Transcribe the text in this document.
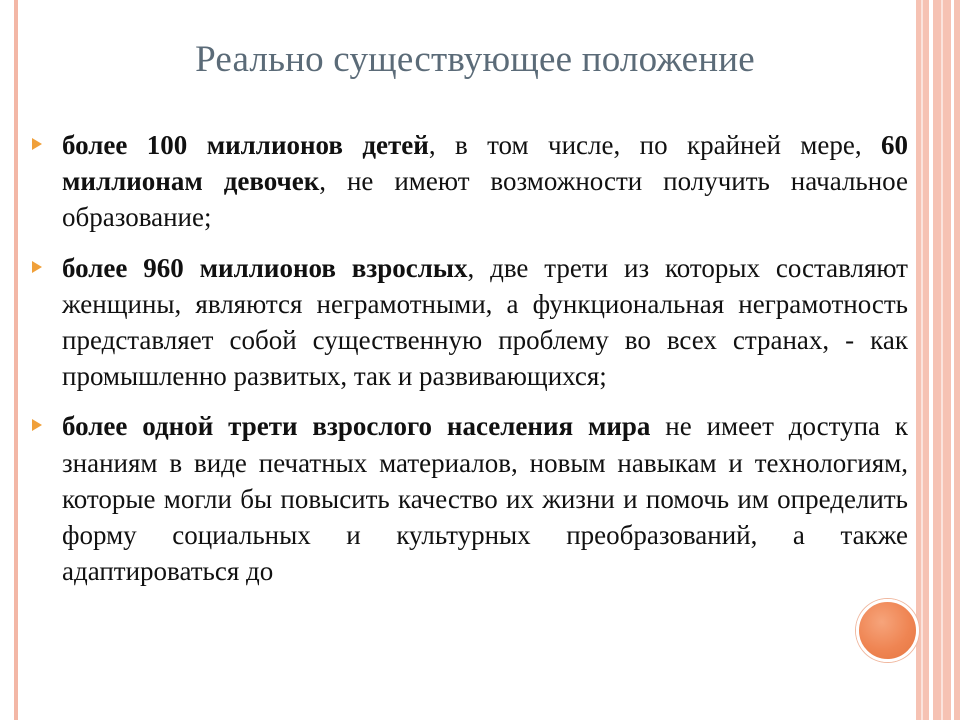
Реально существующее положение
более 100 миллионов детей, в том числе, по крайней мере, 60 миллионам девочек, не имеют возможности получить начальное образование;
более 960 миллионов взрослых, две трети из которых составляют женщины, являются неграмотными, а функциональная неграмотность представляет собой существенную проблему во всех странах, - как промышленно развитых, так и развивающихся;
более одной трети взрослого населения мира не имеет доступа к знаниям в виде печатных материалов, новым навыкам и технологиям, которые могли бы повысить качество их жизни и помочь им определить форму социальных и культурных преобразований, а также адаптироваться до
